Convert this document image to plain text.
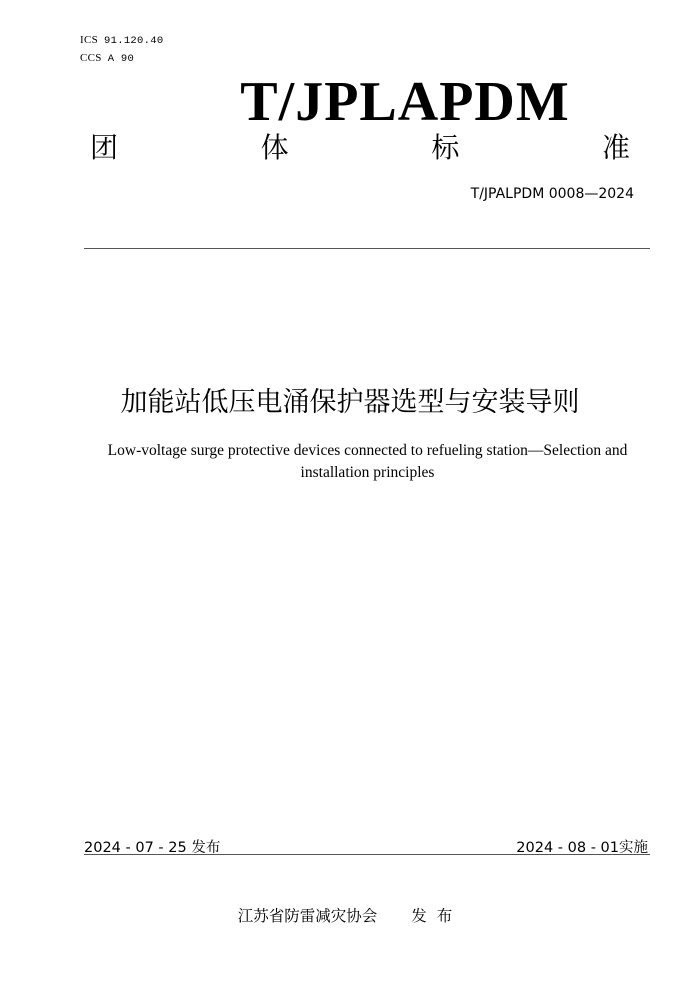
ICS 91.120.40
CCS A 90
T/JPLAPDM
团	体	标	准
T/JPALPDM 0008—2024
加能站低压电涌保护器选型与安装导则
Low-voltage surge protective devices connected to refueling station—Selection and installation principles
2024 - 07 - 25 发布	2024 - 08 - 01实施
江苏省防雷减灾协会 发布
